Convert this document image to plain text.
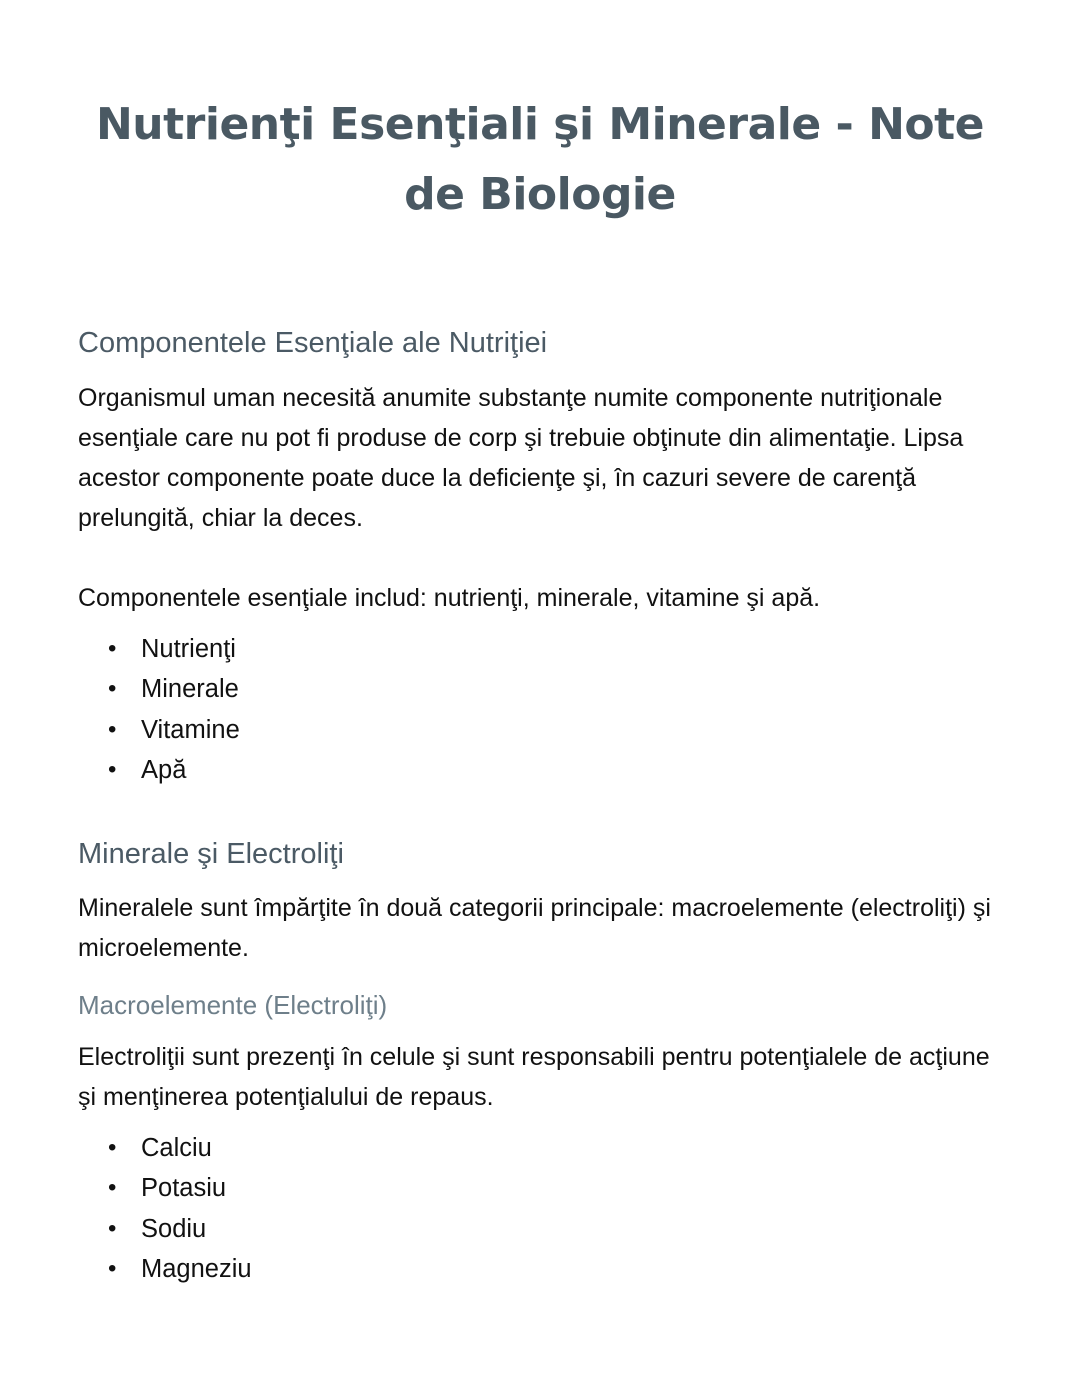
Nutrienţi Esenţiali şi Minerale - Note de Biologie
Componentele Esenţiale ale Nutriţiei

Organismul uman necesită anumite substanţe numite componente nutriţionale esenţiale care nu pot fi produse de corp şi trebuie obţinute din alimentaţie. Lipsa acestor componente poate duce la deficienţe şi, în cazuri severe de carenţă prelungită, chiar la deces.

Componentele esenţiale includ: nutrienţi, minerale, vitamine şi apă.

• Nutrienţi
• Minerale
• Vitamine
• Apă
Minerale şi Electroliţi

Mineralele sunt împărţite în două categorii principale: macroelemente (electroliţi) şi microelemente.

Macroelemente (Electroliţi)

Electroliţii sunt prezenţi în celule şi sunt responsabili pentru potenţialele de acţiune şi menţinerea potenţialului de repaus.

• Calciu
• Potasiu
• Sodiu
• Magneziu
